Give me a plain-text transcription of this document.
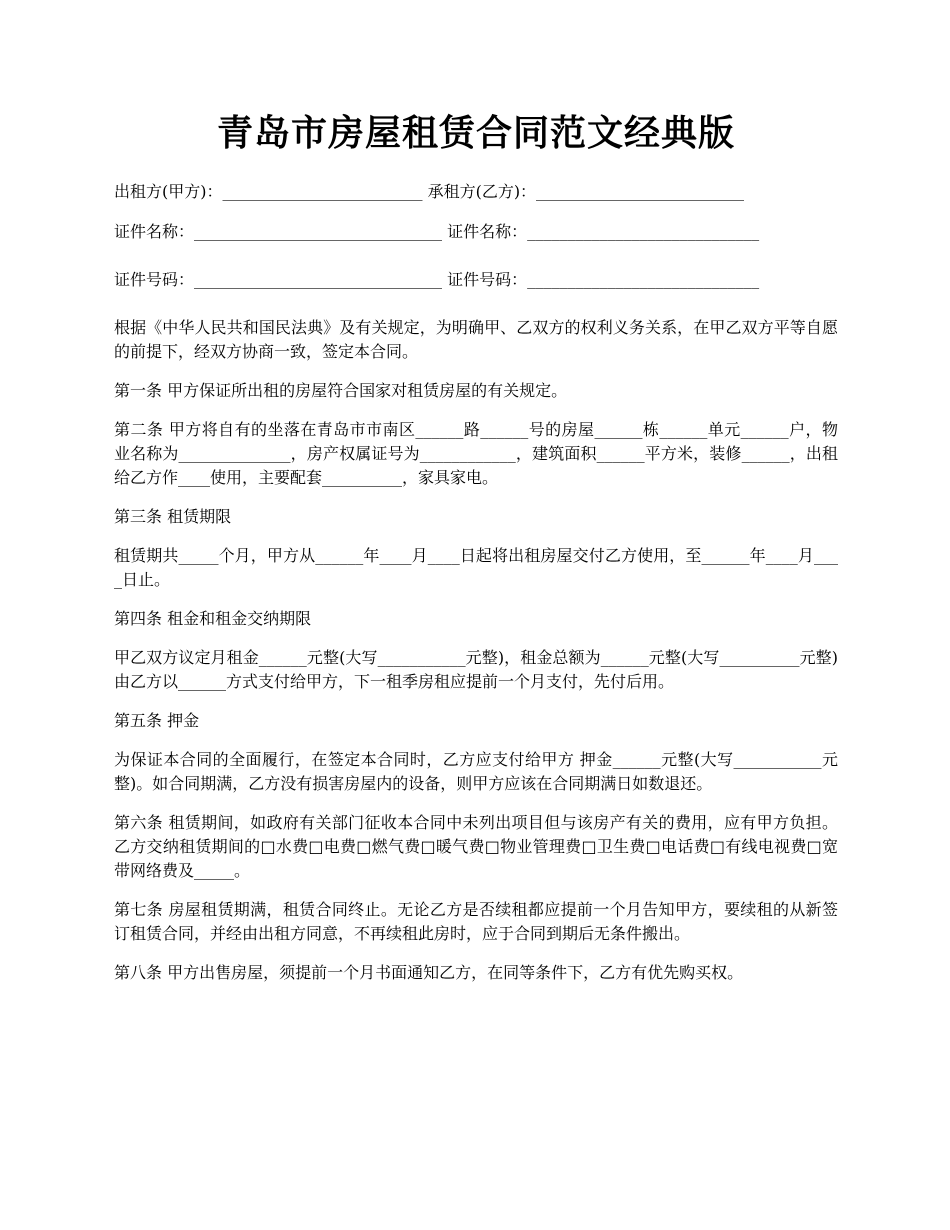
青岛市房屋租赁合同范文经典版
出租方(甲方)：_________________________ 承租方(乙方)：__________________________
证件名称：_______________________________ 证件名称：_____________________________
证件号码：_______________________________ 证件号码：_____________________________

根据《中华人民共和国民法典》及有关规定，为明确甲、乙双方的权利义务关系，在甲乙双方平等自愿的前提下，经双方协商一致，签定本合同。

第一条 甲方保证所出租的房屋符合国家对租赁房屋的有关规定。

第二条 甲方将自有的坐落在青岛市市南区______路______号的房屋______栋______单元______户，物业名称为______________，房产权属证号为____________，建筑面积______平方米，装修______，出租给乙方作____使用，主要配套__________，家具家电。

第三条 租赁期限

租赁期共_____个月，甲方从______年____月____日起将出租房屋交付乙方使用，至______年____月____日止。

第四条 租金和租金交纳期限

甲乙双方议定月租金______元整(大写___________元整)，租金总额为______元整(大写__________元整)由乙方以______方式支付给甲方，下一租季房租应提前一个月支付，先付后用。

第五条 押金

为保证本合同的全面履行，在签定本合同时，乙方应支付给甲方 押金______元整(大写___________元整)。如合同期满，乙方没有损害房屋内的设备，则甲方应该在合同期满日如数退还。

第六条 租赁期间，如政府有关部门征收本合同中未列出项目但与该房产有关的费用，应有甲方负担。乙方交纳租赁期间的□水费□电费□燃气费□暖气费□物业管理费□卫生费□电话费□有线电视费□宽带网络费及_____。

第七条 房屋租赁期满，租赁合同终止。无论乙方是否续租都应提前一个月告知甲方，要续租的从新签订租赁合同，并经由出租方同意，不再续租此房时，应于合同到期后无条件搬出。

第八条 甲方出售房屋，须提前一个月书面通知乙方，在同等条件下，乙方有优先购买权。
